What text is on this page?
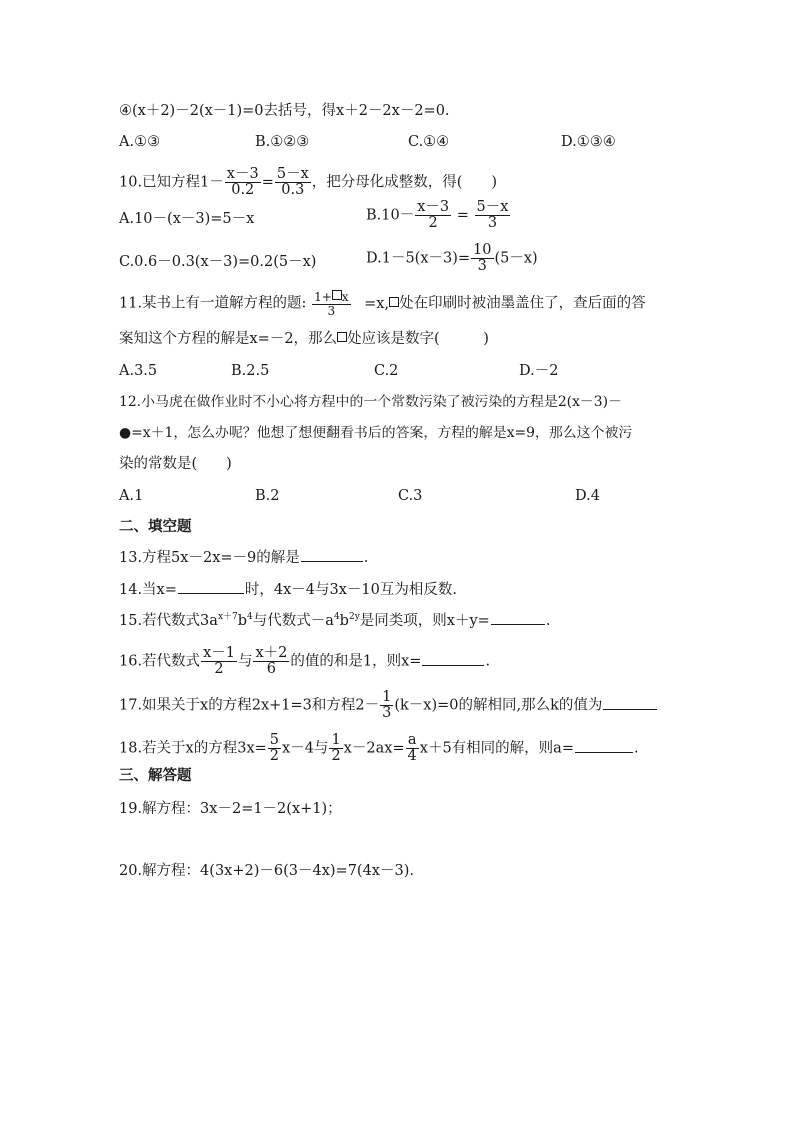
④(x＋2)－2(x－1)=0去括号，得x＋2－2x－2=0.
A.①③	B.①②③	C.①④	D.①③④
10.已知方程$1- \frac{x-3}{0.2} = \frac{5-x}{0.3}$ ，把分母化成整数，得(　　)
A.10－(x－3)=5－x	$B.10- \frac{x-3}{2} = \frac{5-x}{3}$
C.0.6－0.3(x－3)=0.2(5－x)	$D.1-5(x-3)= \frac{10}{3} (5-x)$
11.某书上有一道解方程的题: $\frac{1+ x}{3} =x$, 处在印刷时被油墨盖住了，查后面的答
案知这个方程的解是x=－2，那么 处应该是数字(　　　)
A.3.5	B.2.5	C.2	D.－2
12.小马虎在做作业时不小心将方程中的一个常数污染了被污染的方程是2(x－3)－
●=x＋1，怎么办呢？他想了想便翻看书后的答案，方程的解是x=9，那么这个被污
染的常数是(　　)
A.1	B.2	C.3	D.4
二、填空题
13.方程5x－2x=－9的解是	.
14.当x=	时，4x－4与3x－10互为相反数.
15.若代数式$3a^{x+7}b^4$与代数式$-a^4b^{2y}$是同类项，则x＋y=	.
16.若代数式 $\frac{x-1}{2}$ 与 $\frac{x+2}{6}$ 的值的和是1，则x=	.
17.如果关于x的方程2x+1=3和方程$2- \frac{1}{3} (k-x)=0$的解相同,那么k的值为
18.若关于x的方程$3x= \frac{5}{2} x-4$与 $\frac{1}{2} x-2ax= \frac{a}{4} x+5$有相同的解，则a=	.
三、解答题
19.解方程：3x－2=1－2(x+1)；
20.解方程：4(3x+2)－6(3－4x)=7(4x－3).
